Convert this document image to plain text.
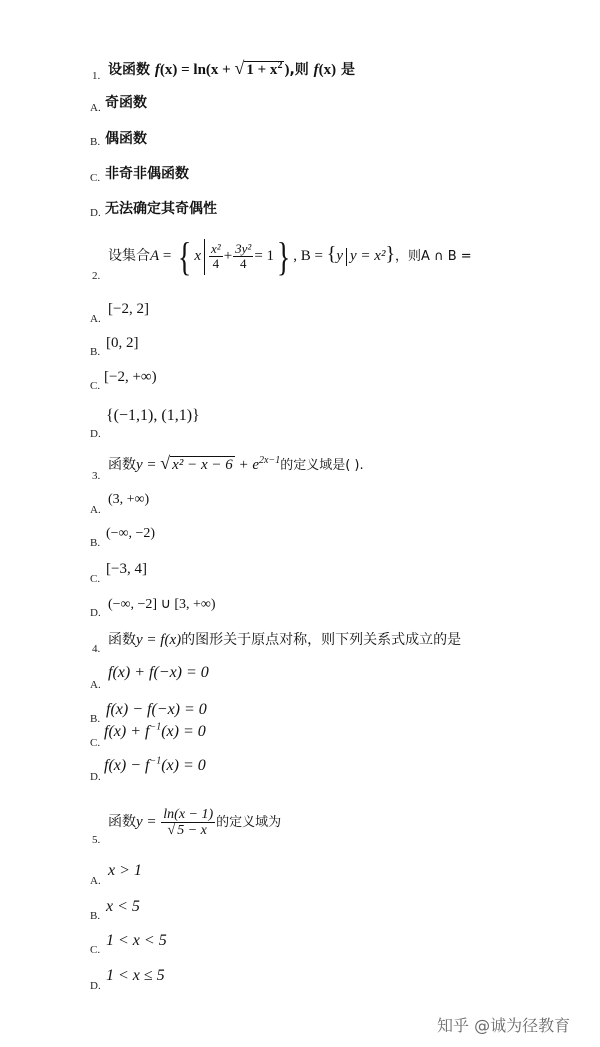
1. 设函数 f(x) = ln(x + √ $1 + x^2$ ),则 f(x) 是
A. 奇函数
B. 偶函数
C. 非奇非偶函数
D. 无法确定其奇偶性
2.
设集合A = { x $\frac{\text{x²}}{4} + \frac{\text{3y²}}{4} = 1$} , B = {y y = x²}，则A ∩ B =
A.
[−2, 2]
B.
[0, 2]
C.
[−2, +∞)
D.
{(−1,1), (1,1)}
3.
函数y = √ $x^2 - x - 6 + e^{2x-1}$的定义域是( ).
A.
(3, +∞)
B.
(−∞, −2)
C.
[−3, 4]
D.
(−∞, −2] ∪ [3, +∞)
4.
函数y = f(x)的图形关于原点对称，则下列关系式成立的是
A.
f(x) + f(−x) = 0
B.
f(x) − f(−x) = 0
C.
$f(x) + f^{-1}(x) = 0$
D.
$f(x) - f^{-1}(x) = 0$
5.
函数$y = \frac{\ln(x - 1)}{√ 5 - x}$ 的定义域为
A.
x > 1
B.
x < 5
C.
1 < x < 5
D.
1 < x ≤ 5
知乎 @诚为径教育
